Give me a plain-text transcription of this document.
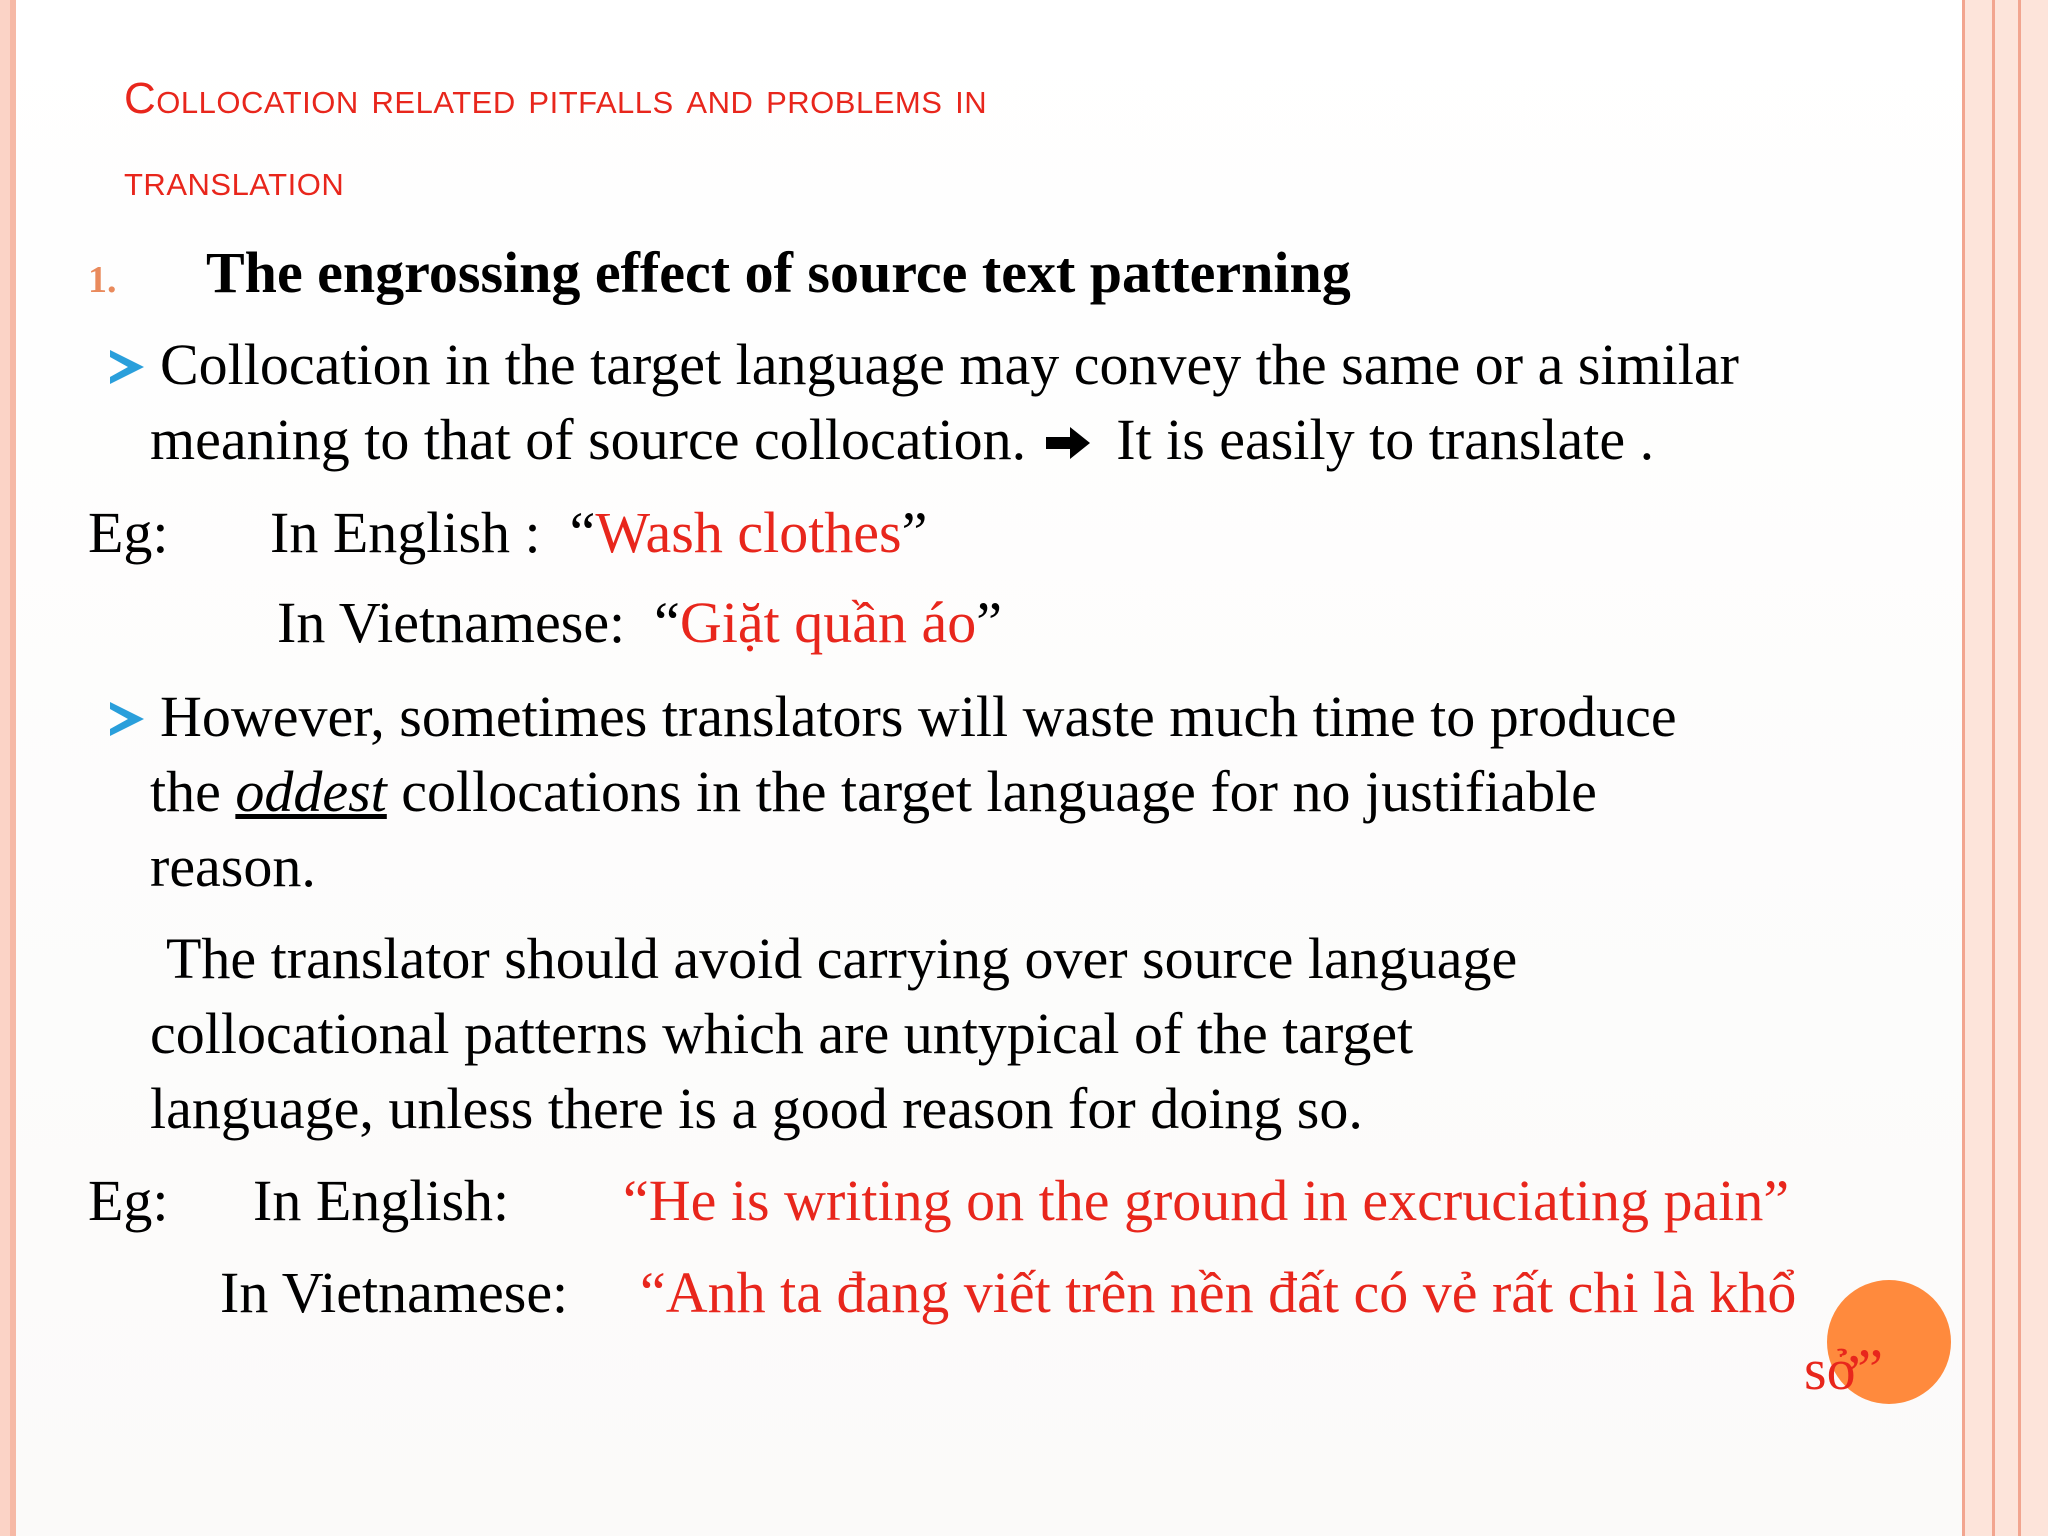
Collocation related pitfalls and problems in
translation
1. The engrossing effect of source text patterning
Collocation in the target language may convey the same or a similar
meaning to that of source collocation. It is easily to translate .
Eg: In English : “Wash clothes”
In Vietnamese: “Giặt quần áo”
However, sometimes translators will waste much time to produce
the oddest collocations in the target language for no justifiable
reason.
The translator should avoid carrying over source language
collocational patterns which are untypical of the target
language, unless there is a good reason for doing so.
Eg: In English: “He is writing on the ground in excruciating pain”
In Vietnamese: “Anh ta đang viết trên nền đất có vẻ rất chi là khổ
sở”
